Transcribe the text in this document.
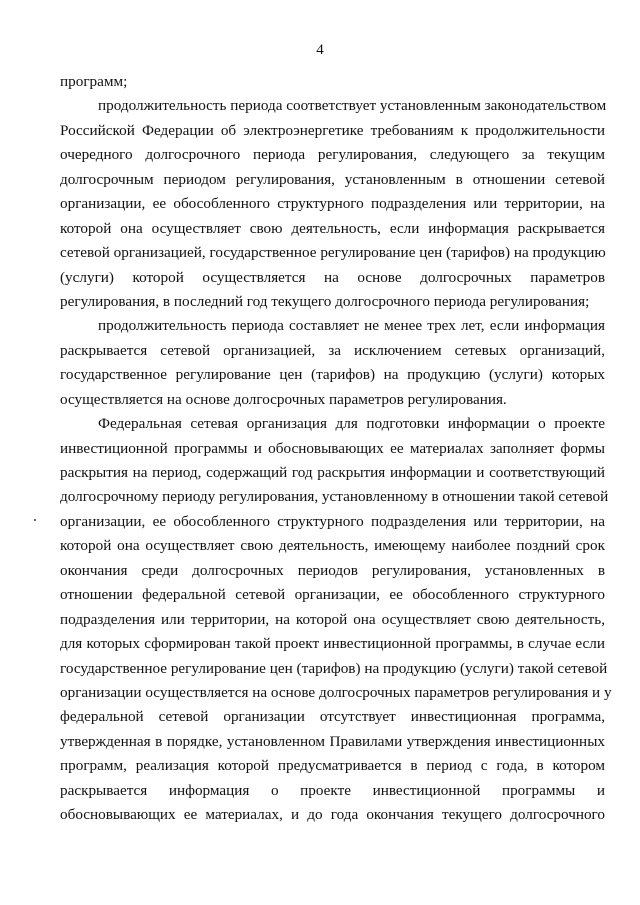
4
программ;
продолжительность периода соответствует установленным законодательством
Российской Федерации об электроэнергетике требованиям к продолжительности
очередного долгосрочного периода регулирования, следующего за текущим
долгосрочным периодом регулирования, установленным в отношении сетевой
организации, ее обособленного структурного подразделения или территории, на
которой она осуществляет свою деятельность, если информация раскрывается
сетевой организацией, государственное регулирование цен (тарифов) на продукцию
(услуги) которой осуществляется на основе долгосрочных параметров
регулирования, в последний год текущего долгосрочного периода регулирования;
продолжительность периода составляет не менее трех лет, если информация
раскрывается сетевой организацией, за исключением сетевых организаций,
государственное регулирование цен (тарифов) на продукцию (услуги) которых
осуществляется на основе долгосрочных параметров регулирования.
Федеральная сетевая организация для подготовки информации о проекте
инвестиционной программы и обосновывающих ее материалах заполняет формы
раскрытия на период, содержащий год раскрытия информации и соответствующий
долгосрочному периоду регулирования, установленному в отношении такой сетевой
организации, ее обособленного структурного подразделения или территории, на
которой она осуществляет свою деятельность, имеющему наиболее поздний срок
окончания среди долгосрочных периодов регулирования, установленных в
отношении федеральной сетевой организации, ее обособленного структурного
подразделения или территории, на которой она осуществляет свою деятельность,
для которых сформирован такой проект инвестиционной программы, в случае если
государственное регулирование цен (тарифов) на продукцию (услуги) такой сетевой
организации осуществляется на основе долгосрочных параметров регулирования и у
федеральной сетевой организации отсутствует инвестиционная программа,
утвержденная в порядке, установленном Правилами утверждения инвестиционных
программ, реализация которой предусматривается в период с года, в котором
раскрывается информация о проекте инвестиционной программы и
обосновывающих ее материалах, и до года окончания текущего долгосрочного
